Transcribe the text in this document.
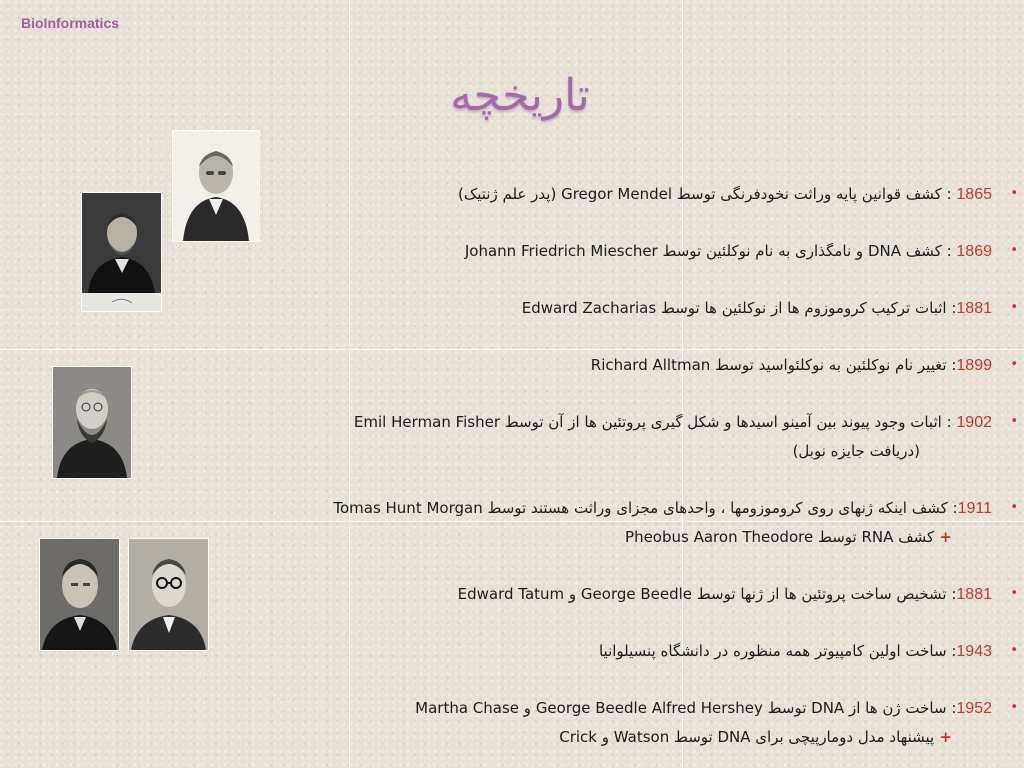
BioInformatics
تاریخچه
•
1865 : کشف قوانین پایه وراثت نخودفرنگی توسط Gregor Mendel (پدر علم ژنتیک)
•
1869 : کشف DNA و نامگذاری به نام نوکلئین توسط Johann Friedrich Miescher
•
1881: اثبات ترکیب کروموزوم ها از نوکلئین ها توسط Edward Zacharias
•
1899: تغییر نام نوکلئین به نوکلئواسید توسط Richard Alltman
•
1902 : اثبات وجود پیوند بین آمینو اسیدها و شکل گیری پروتئین ها از آن توسط Emil Herman Fisher
(دریافت جایزه نوبل)
•
1911: کشف اینکه ژنهای روی کروموزومها ، واحدهای مجزای وراثت هستند توسط Tomas Hunt Morgan
+ کشف RNA توسط Pheobus Aaron Theodore
•
1881: تشخیص ساخت پروتئین ها از ژنها توسط George Beedle و Edward Tatum
•
1943: ساخت اولین کامپیوتر همه منظوره در دانشگاه پنسیلوانیا
•
1952: ساخت ژن ها از DNA توسط George Beedle Alfred Hershey و Martha Chase
+ پیشنهاد مدل دومارپیچی برای DNA توسط Watson و Crick
